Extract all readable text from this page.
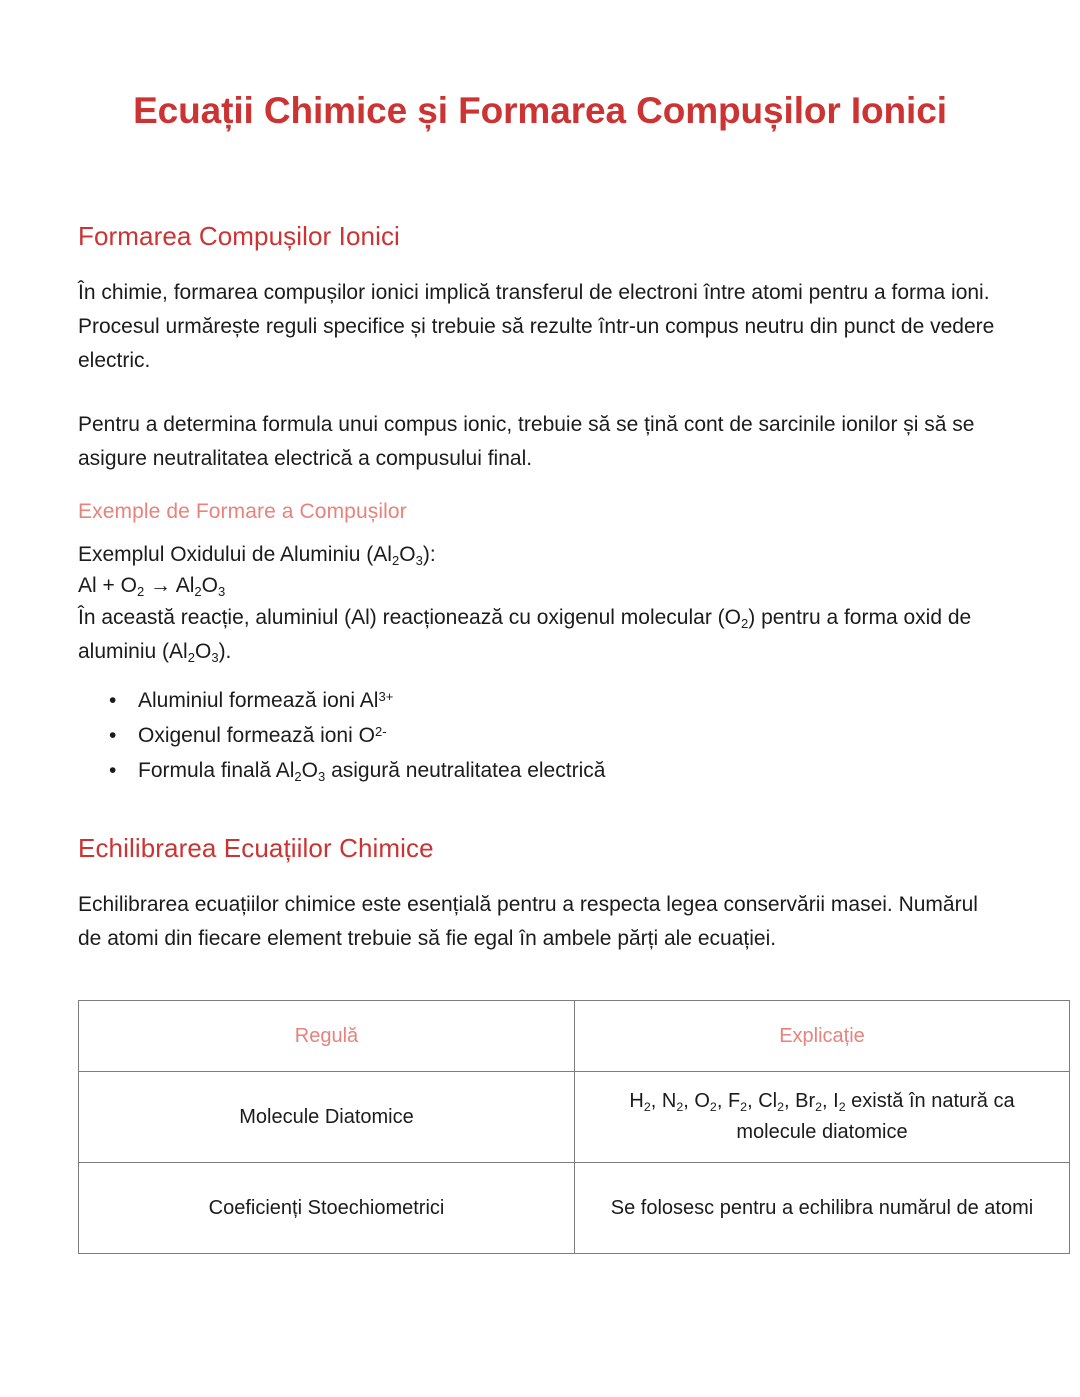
Ecuații Chimice și Formarea Compușilor Ionici
Formarea Compușilor Ionici

În chimie, formarea compușilor ionici implică transferul de electroni între atomi pentru a forma ioni. Procesul urmărește reguli specifice și trebuie să rezulte într-un compus neutru din punct de vedere electric.

Pentru a determina formula unui compus ionic, trebuie să se țină cont de sarcinile ionilor și să se asigure neutralitatea electrică a compusului final.

Exemple de Formare a Compușilor

Exemplul Oxidului de Aluminiu $(Al_2O_3)$:

$Al + O_2 \to Al_2O_3$

În această reacție, aluminiul (Al) reacționează cu oxigenul molecular $(O_2)$ pentru a forma oxid de aluminiu $(Al_2O_3)$.

• Aluminiul formează ioni $Al^{3+}$
• Oxigenul formează ioni $O^{2-}$
• Formula finală $Al_2O_3$ asigură neutralitatea electrică
Echilibrarea Ecuațiilor Chimice

Echilibrarea ecuațiilor chimice este esențială pentru a respecta legea conservării masei. Numărul de atomi din fiecare element trebuie să fie egal în ambele părți ale ecuației.

Regulă	Explicație
Molecule Diatomice	$H_2$, $N_2$, $O_2$, $F_2$, $Cl_2$, $Br_2$, $I_2$ există în natură ca molecule diatomice
Coeficienți Stoechiometrici	Se folosesc pentru a echilibra numărul de atomi
